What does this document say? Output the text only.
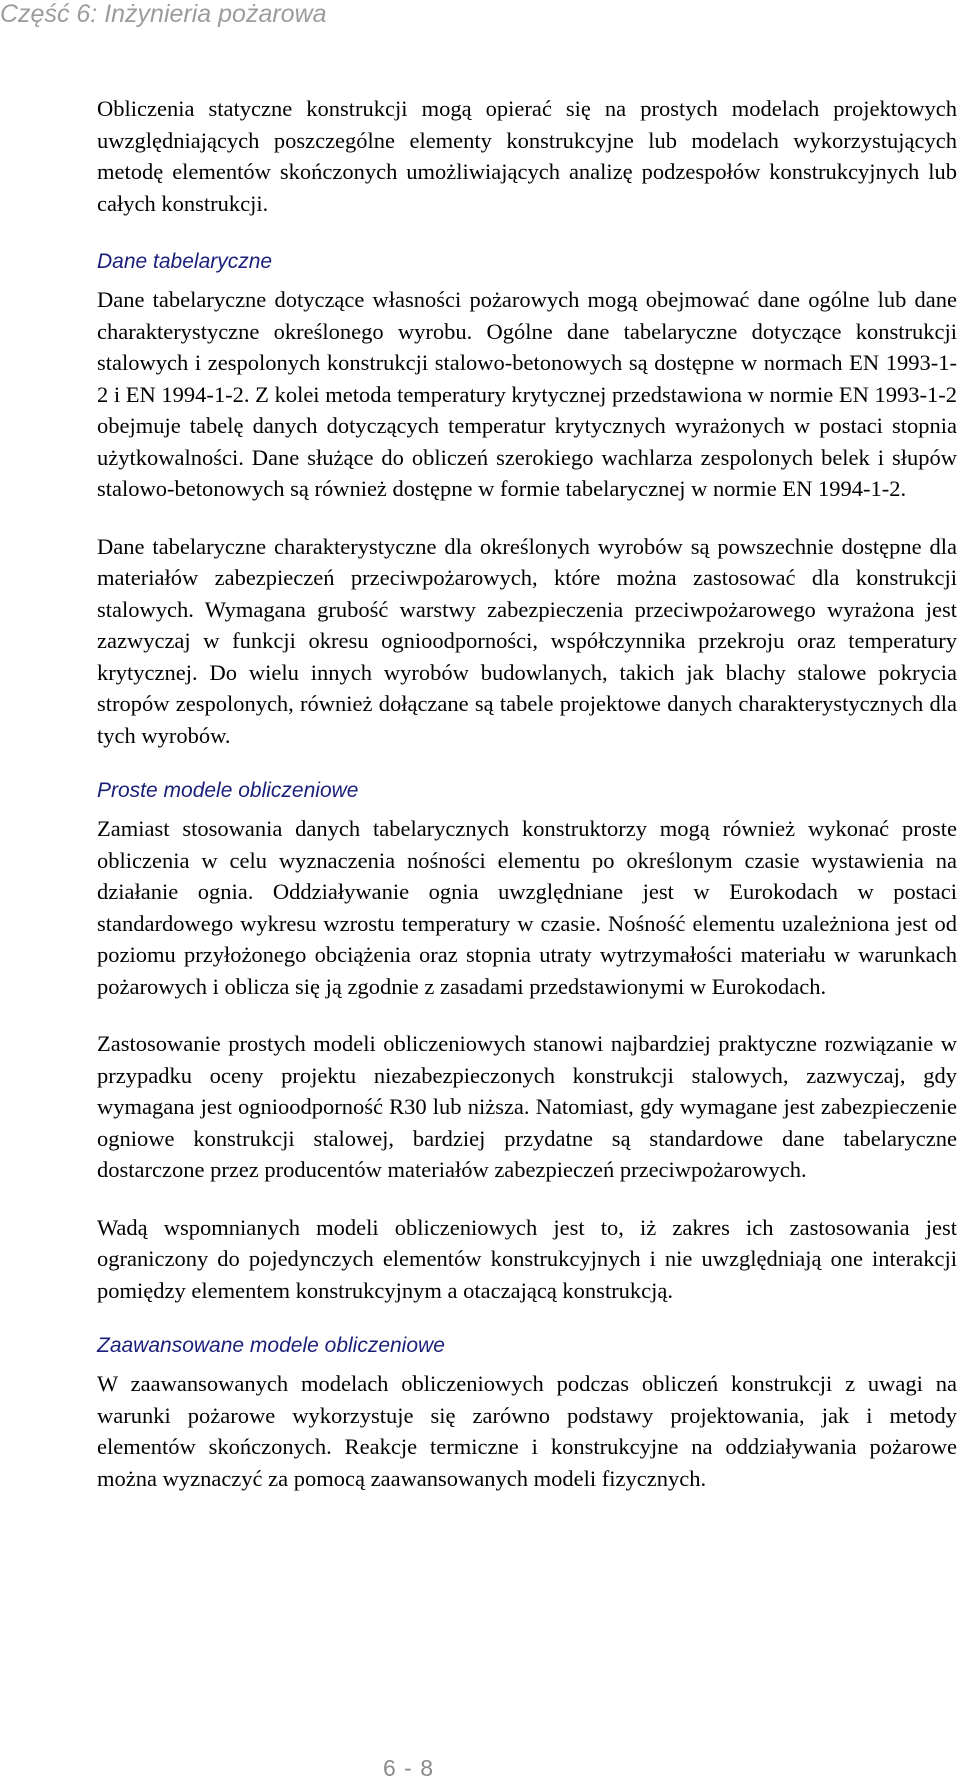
Część 6: Inżynieria pożarowa

Obliczenia statyczne konstrukcji mogą opierać się na prostych modelach projektowych uwzględniających poszczególne elementy konstrukcyjne lub modelach wykorzystujących metodę elementów skończonych umożliwiających analizę podzespołów konstrukcyjnych lub całych konstrukcji.

Dane tabelaryczne

Dane tabelaryczne dotyczące własności pożarowych mogą obejmować dane ogólne lub dane charakterystyczne określonego wyrobu. Ogólne dane tabelaryczne dotyczące konstrukcji stalowych i zespolonych konstrukcji stalowo-betonowych są dostępne w normach EN 1993-1-2 i EN 1994-1-2. Z kolei metoda temperatury krytycznej przedstawiona w normie EN 1993-1-2 obejmuje tabelę danych dotyczących temperatur krytycznych wyrażonych w postaci stopnia użytkowalności. Dane służące do obliczeń szerokiego wachlarza zespolonych belek i słupów stalowo-betonowych są również dostępne w formie tabelarycznej w normie EN 1994-1-2.

Dane tabelaryczne charakterystyczne dla określonych wyrobów są powszechnie dostępne dla materiałów zabezpieczeń przeciwpożarowych, które można zastosować dla konstrukcji stalowych. Wymagana grubość warstwy zabezpieczenia przeciwpożarowego wyrażona jest zazwyczaj w funkcji okresu ognioodporności, współczynnika przekroju oraz temperatury krytycznej. Do wielu innych wyrobów budowlanych, takich jak blachy stalowe pokrycia stropów zespolonych, również dołączane są tabele projektowe danych charakterystycznych dla tych wyrobów.

Proste modele obliczeniowe

Zamiast stosowania danych tabelarycznych konstruktorzy mogą również wykonać proste obliczenia w celu wyznaczenia nośności elementu po określonym czasie wystawienia na działanie ognia. Oddziaływanie ognia uwzględniane jest w Eurokodach w postaci standardowego wykresu wzrostu temperatury w czasie. Nośność elementu uzależniona jest od poziomu przyłożonego obciążenia oraz stopnia utraty wytrzymałości materiału w warunkach pożarowych i oblicza się ją zgodnie z zasadami przedstawionymi w Eurokodach.

Zastosowanie prostych modeli obliczeniowych stanowi najbardziej praktyczne rozwiązanie w przypadku oceny projektu niezabezpieczonych konstrukcji stalowych, zazwyczaj, gdy wymagana jest ognioodporność R30 lub niższa. Natomiast, gdy wymagane jest zabezpieczenie ogniowe konstrukcji stalowej, bardziej przydatne są standardowe dane tabelaryczne dostarczone przez producentów materiałów zabezpieczeń przeciwpożarowych.

Wadą wspomnianych modeli obliczeniowych jest to, iż zakres ich zastosowania jest ograniczony do pojedynczych elementów konstrukcyjnych i nie uwzględniają one interakcji pomiędzy elementem konstrukcyjnym a otaczającą konstrukcją.

Zaawansowane modele obliczeniowe

W zaawansowanych modelach obliczeniowych podczas obliczeń konstrukcji z uwagi na warunki pożarowe wykorzystuje się zarówno podstawy projektowania, jak i metody elementów skończonych. Reakcje termiczne i konstrukcyjne na oddziaływania pożarowe można wyznaczyć za pomocą zaawansowanych modeli fizycznych.

6 - 8
